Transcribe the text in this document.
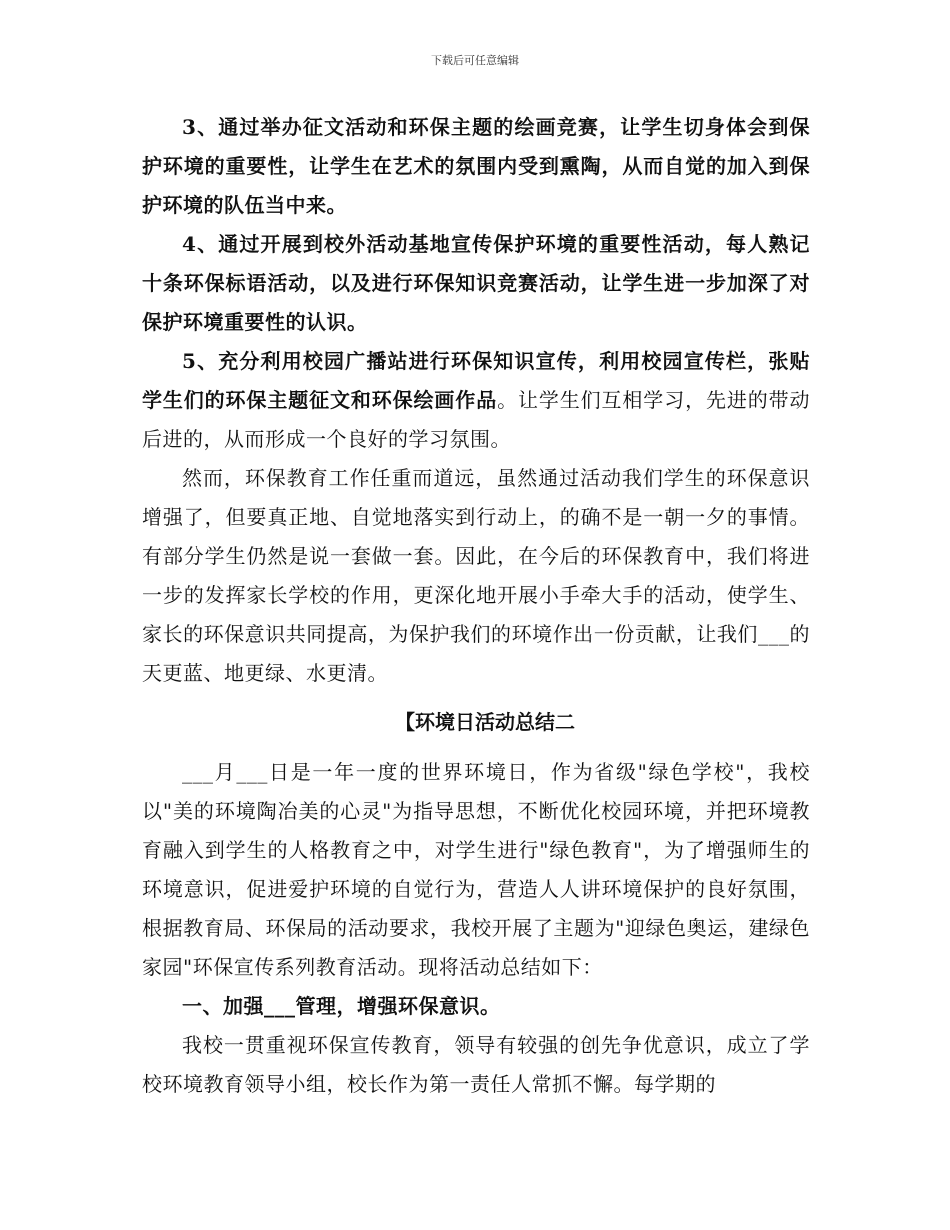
下载后可任意编辑

3、通过举办征文活动和环保主题的绘画竞赛，让学生切身体会到保护环境的重要性，让学生在艺术的氛围内受到熏陶，从而自觉的加入到保护环境的队伍当中来。

4、通过开展到校外活动基地宣传保护环境的重要性活动，每人熟记十条环保标语活动，以及进行环保知识竞赛活动，让学生进一步加深了对保护环境重要性的认识。

5、充分利用校园广播站进行环保知识宣传，利用校园宣传栏，张贴学生们的环保主题征文和环保绘画作品。让学生们互相学习，先进的带动后进的，从而形成一个良好的学习氛围。

然而，环保教育工作任重而道远，虽然通过活动我们学生的环保意识增强了，但要真正地、自觉地落实到行动上，的确不是一朝一夕的事情。有部分学生仍然是说一套做一套。因此，在今后的环保教育中，我们将进一步的发挥家长学校的作用，更深化地开展小手牵大手的活动，使学生、家长的环保意识共同提高，为保护我们的环境作出一份贡献，让我们___的天更蓝、地更绿、水更清。

【环境日活动总结二

___月___日是一年一度的世界环境日，作为省级"绿色学校"，我校以"美的环境陶冶美的心灵"为指导思想，不断优化校园环境，并把环境教育融入到学生的人格教育之中，对学生进行"绿色教育"，为了增强师生的环境意识，促进爱护环境的自觉行为，营造人人讲环境保护的良好氛围，根据教育局、环保局的活动要求，我校开展了主题为"迎绿色奥运，建绿色家园"环保宣传系列教育活动。现将活动总结如下：

一、加强___管理，增强环保意识。

我校一贯重视环保宣传教育，领导有较强的创先争优意识，成立了学校环境教育领导小组，校长作为第一责任人常抓不懈。每学期的
